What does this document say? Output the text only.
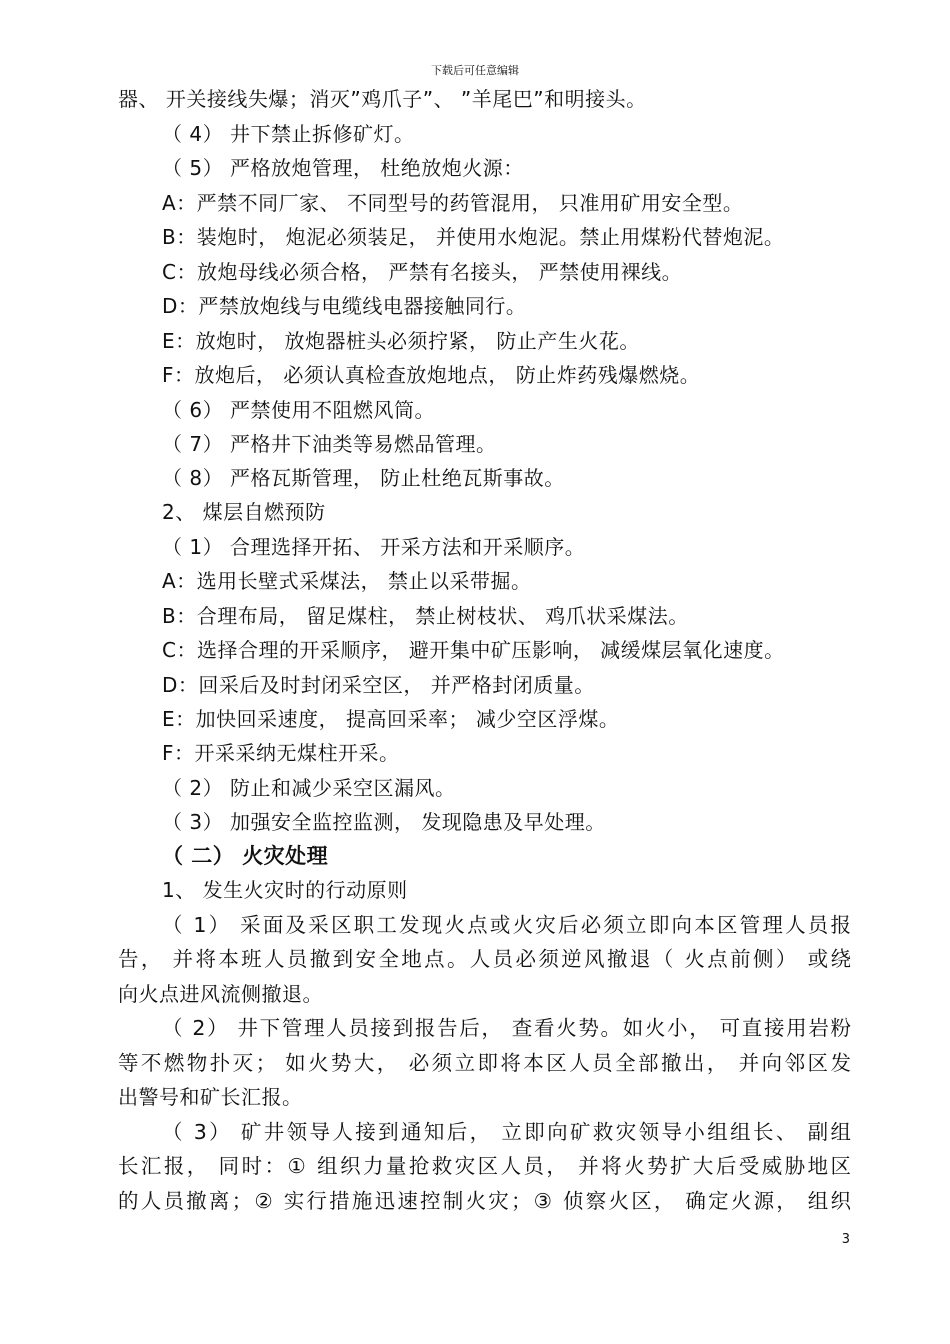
下载后可任意编辑
器、 开关接线失爆；消灭”鸡爪子”、 ”羊尾巴”和明接头。
（ 4） 井下禁止拆修矿灯。
（ 5） 严格放炮管理， 杜绝放炮火源：
A：严禁不同厂家、 不同型号的药管混用， 只准用矿用安全型。
B：装炮时， 炮泥必须装足， 并使用水炮泥。禁止用煤粉代替炮泥。
C：放炮母线必须合格， 严禁有名接头， 严禁使用裸线。
D：严禁放炮线与电缆线电器接触同行。
E：放炮时， 放炮器桩头必须拧紧， 防止产生火花。
F：放炮后， 必须认真检查放炮地点， 防止炸药残爆燃烧。
（ 6） 严禁使用不阻燃风筒。
（ 7） 严格井下油类等易燃品管理。
（ 8） 严格瓦斯管理， 防止杜绝瓦斯事故。
2、 煤层自燃预防
（ 1） 合理选择开拓、 开采方法和开采顺序。
A：选用长壁式采煤法， 禁止以采带掘。
B：合理布局， 留足煤柱， 禁止树枝状、 鸡爪状采煤法。
C：选择合理的开采顺序， 避开集中矿压影响， 减缓煤层氧化速度。
D：回采后及时封闭采空区， 并严格封闭质量。
E：加快回采速度， 提高回采率； 减少空区浮煤。
F：开采采纳无煤柱开采。
（ 2） 防止和减少采空区漏风。
（ 3） 加强安全监控监测， 发现隐患及早处理。
（ 二） 火灾处理
1、 发生火灾时的行动原则
（ 1） 采面及采区职工发现火点或火灾后必须立即向本区管理人员报
告， 并将本班人员撤到安全地点。人员必须逆风撤退（ 火点前侧） 或绕
向火点进风流侧撤退。
（ 2） 井下管理人员接到报告后， 查看火势。如火小， 可直接用岩粉
等不燃物扑灭； 如火势大， 必须立即将本区人员全部撤出， 并向邻区发
出警号和矿长汇报。
（ 3） 矿井领导人接到通知后， 立即向矿救灾领导小组组长、 副组
长汇报， 同时：① 组织力量抢救灾区人员， 并将火势扩大后受威胁地区
的人员撤离；② 实行措施迅速控制火灾；③ 侦察火区， 确定火源， 组织
3
